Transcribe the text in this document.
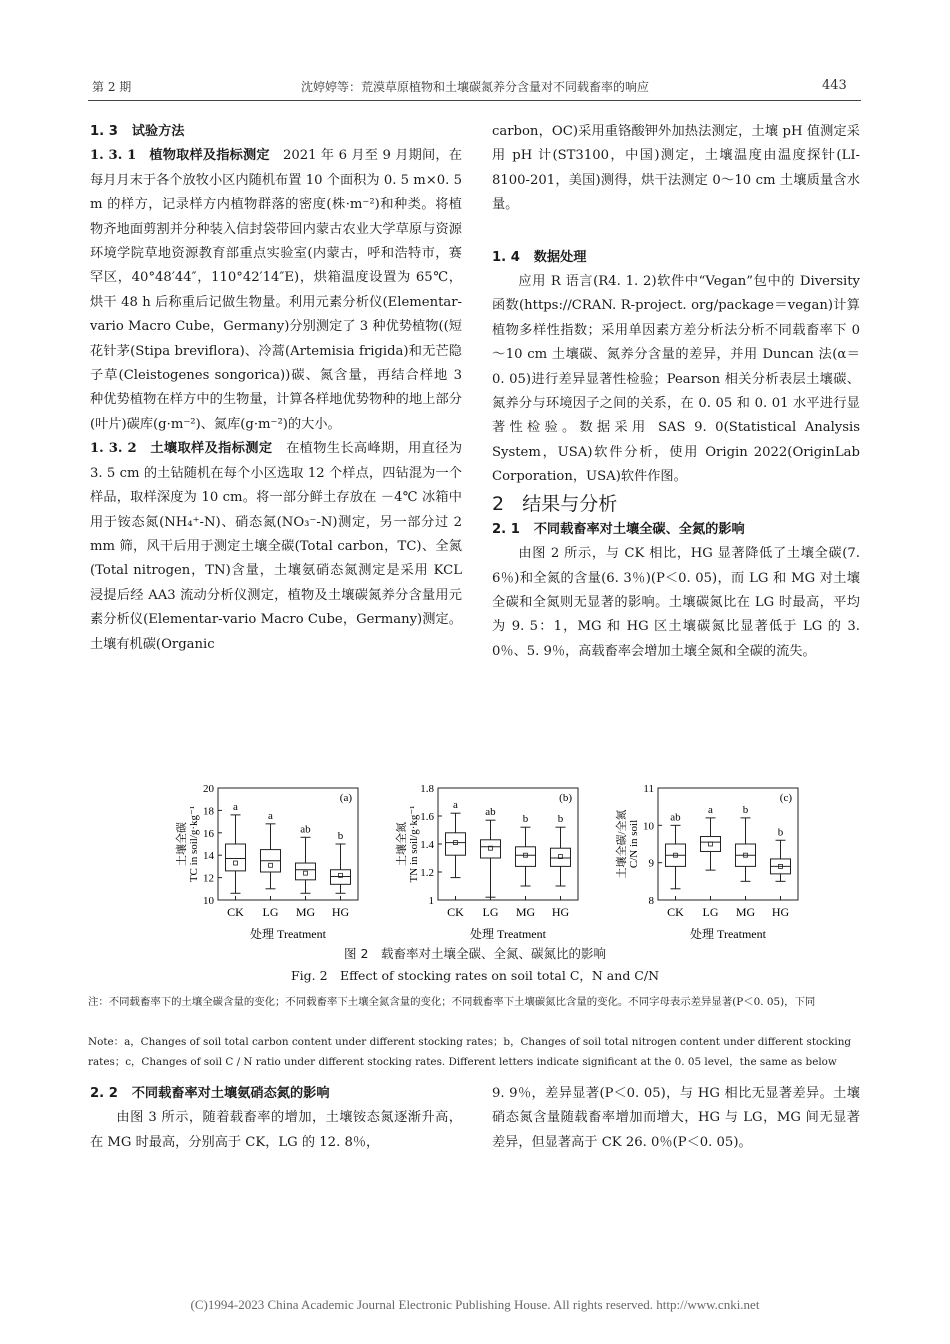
第 2 期	沈婷婷等：荒漠草原植物和土壤碳氮养分含量对不同载畜率的响应	443

1. 3 试验方法

1. 3. 1 植物取样及指标测定 2021 年 6 月至 9 月期间，在每月月末于各个放牧小区内随机布置 10 个面积为 0. 5 m×0. 5 m 的样方，记录样方内植物群落的密度(株·m⁻²)和种类。将植物齐地面剪割并分种装入信封袋带回内蒙古农业大学草原与资源环境学院草地资源教育部重点实验室(内蒙古，呼和浩特市，赛罕区，40°48′44″，110°42′14″E)，烘箱温度设置为 65℃，烘干 48 h 后称重后记做生物量。利用元素分析仪(Elementar-vario Macro Cube，Germany)分别测定了 3 种优势植物((短花针茅(Stipa breviflora)、冷蒿(Artemisia frigida)和无芒隐子草(Cleistogenes songorica))碳、氮含量，再结合样地 3 种优势植物在样方中的生物量，计算各样地优势物种的地上部分(叶片)碳库(g·m⁻²)、氮库(g·m⁻²)的大小。

1. 3. 2 土壤取样及指标测定 在植物生长高峰期，用直径为 3. 5 cm 的土钻随机在每个小区选取 12 个样点，四钻混为一个样品，取样深度为 10 cm。将一部分鲜土存放在 －4℃ 冰箱中用于铵态氮(NH₄⁺-N)、硝态氮(NO₃⁻-N)测定，另一部分过 2 mm 筛，风干后用于测定土壤全碳(Total carbon，TC)、全氮(Total nitrogen，TN)含量，土壤氨硝态氮测定是采用 KCL 浸提后经 AA3 流动分析仪测定，植物及土壤碳氮养分含量用元素分析仪(Elementar-vario Macro Cube，Germany)测定。土壤有机碳(Organic

carbon，OC)采用重铬酸钾外加热法测定，土壤 pH 值测定采用 pH 计(ST3100，中国)测定，土壤温度由温度探针(LI-8100-201，美国)测得，烘干法测定 0～10 cm 土壤质量含水量。

1. 4 数据处理

应用 R 语言(R4. 1. 2)软件中“Vegan”包中的 Diversity 函数(https://CRAN. R-project. org/package＝vegan)计算植物多样性指数；采用单因素方差分析法分析不同载畜率下 0～10 cm 土壤碳、氮养分含量的差异，并用 Duncan 法(α＝0. 05)进行差异显著性检验；Pearson 相关分析表层土壤碳、氮养分与环境因子之间的关系，在 0. 05 和 0. 01 水平进行显著性检验。数据采用 SAS 9. 0(Statistical Analysis System，USA)软件分析，使用 Origin 2022(OriginLab Corporation，USA)软件作图。

2 结果与分析

2. 1 不同载畜率对土壤全碳、全氮的影响

由图 2 所示，与 CK 相比，HG 显著降低了土壤全碳(7. 6％)和全氮的含量(6. 3％)(P＜0. 05)，而 LG 和 MG 对土壤全碳和全氮则无显著的影响。土壤碳氮比在 LG 时最高，平均为 9. 5：1，MG 和 HG 区土壤碳氮比显著低于 LG 的 3. 0％、5. 9％，高载畜率会增加土壤全氮和全碳的流失。

10
12
14
16
18
20
(a)
a
CK
a
LG
ab
MG
b
HG
处理 Treatment
土壤全碳 TC in soil/g·kg⁻¹
1
1.2
1.4
1.6
1.8
(b)
a
CK
ab
LG
b
MG
b
HG
处理 Treatment
土壤全氮 TN in soil/g·kg⁻¹
8
9
10
11
(c)
ab
CK
a
LG
b
MG
b
HG
处理 Treatment
土壤全碳/全氮 C/N in soil
图 2　载畜率对土壤全碳、全氮、碳氮比的影响
Fig. 2　Effect of stocking rates on soil total C，N and C/N
注：不同载畜率下的土壤全碳含量的变化；不同载畜率下土壤全氮含量的变化；不同载畜率下土壤碳氮比含量的变化。不同字母表示差异显著(P＜0. 05)，下同
Note：a，Changes of soil total carbon content under different stocking rates；b，Changes of soil total nitrogen content under different stocking rates；c，Changes of soil C / N ratio under different stocking rates. Different letters indicate significant at the 0. 05 level，the same as below

2. 2 不同载畜率对土壤氨硝态氮的影响

由图 3 所示，随着载畜率的增加，土壤铵态氮逐渐升高，在 MG 时最高，分别高于 CK，LG 的 12. 8％，

9. 9％，差异显著(P＜0. 05)，与 HG 相比无显著差异。土壤硝态氮含量随载畜率增加而增大，HG 与 LG，MG 间无显著差异，但显著高于 CK 26. 0％(P＜0. 05)。

(C)1994-2023 China Academic Journal Electronic Publishing House. All rights reserved. http://www.cnki.net
